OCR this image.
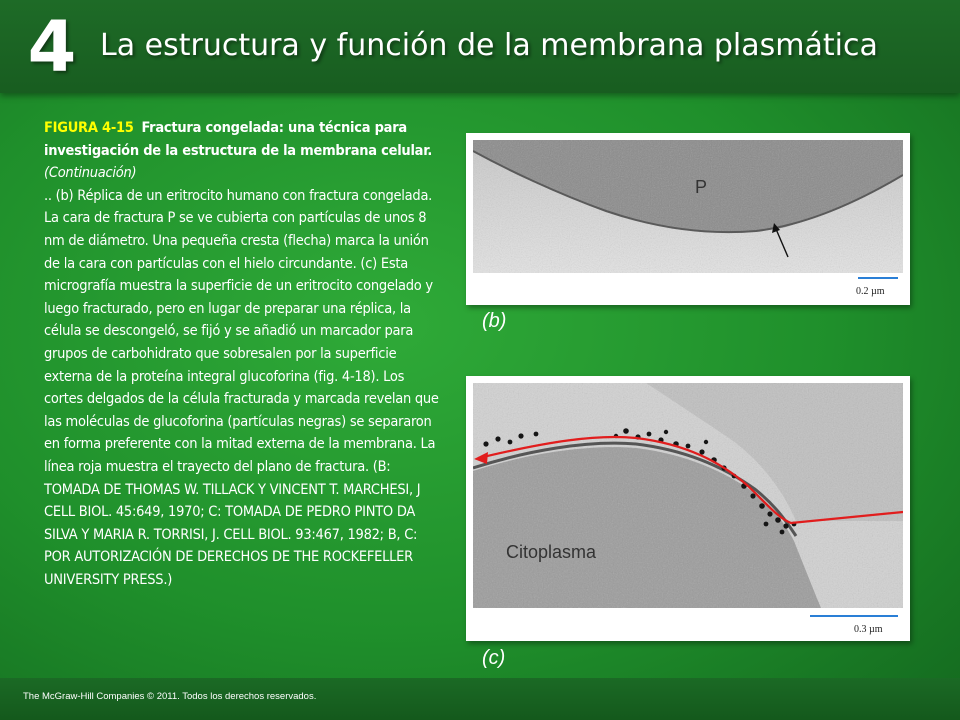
4 La estructura y función de la membrana plasmática
FIGURA 4-15 Fractura congelada: una técnica para investigación de la estructura de la membrana celular. (Continuación)
.. (b) Réplica de un eritrocito humano con fractura congelada. La cara de fractura P se ve cubierta con partículas de unos 8 nm de diámetro. Una pequeña cresta (flecha) marca la unión de la cara con partículas con el hielo circundante. (c) Esta micrografía muestra la superficie de un eritrocito congelado y luego fracturado, pero en lugar de preparar una réplica, la célula se descongeló, se fijó y se añadió un marcador para grupos de carbohidrato que sobresalen por la superficie externa de la proteína integral glucoforina (fig. 4-18). Los cortes delgados de la célula fracturada y marcada revelan que las moléculas de glucoforina (partículas negras) se separaron en forma preferente con la mitad externa de la membrana. La línea roja muestra el trayecto del plano de fractura. (B: TOMADA DE THOMAS W. TILLACK Y VINCENT T. MARCHESI, J CELL BIOL. 45:649, 1970; C: TOMADA DE PEDRO PINTO DA SILVA Y MARIA R. TORRISI, J. CELL BIOL. 93:467, 1982; B, C: POR AUTORIZACIÓN DE DERECHOS DE THE ROCKEFELLER UNIVERSITY PRESS.)
P
0.2 µm
(b)
Citoplasma
0.3 µm
(c)
The McGraw-Hill Companies © 2011. Todos los derechos reservados.
